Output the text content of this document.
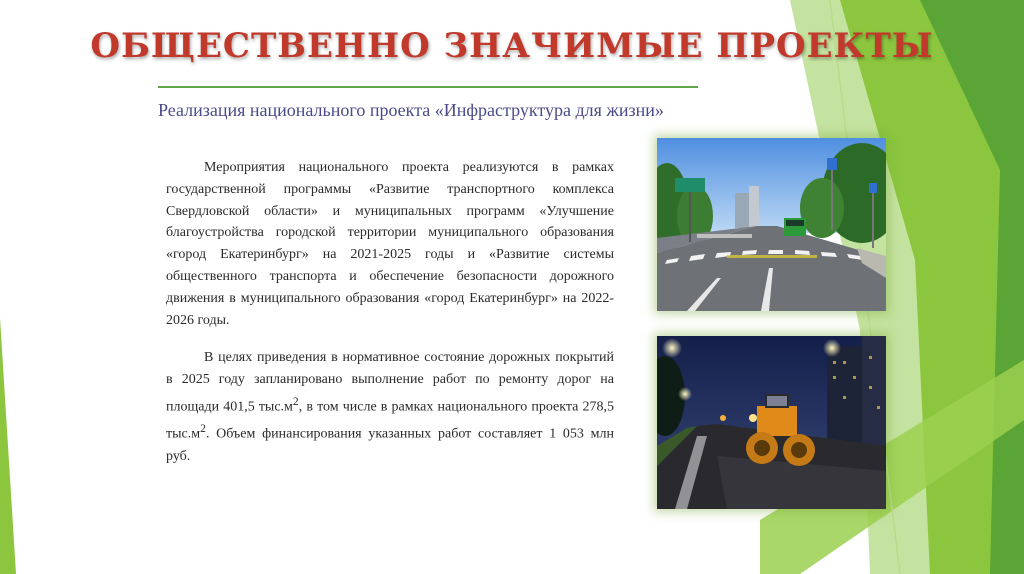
ОБЩЕСТВЕННО ЗНАЧИМЫЕ ПРОЕКТЫ
Реализация национального проекта «Инфраструктура для жизни»

Мероприятия национального проекта реализуются в рамках государственной программы «Развитие транспортного комплекса Свердловской области» и муниципальных программ «Улучшение благоустройства городской территории муниципального образования «город Екатеринбург» на 2021-2025 годы и «Развитие системы общественного транспорта и обеспечение безопасности дорожного движения в муниципального образования «город Екатеринбург» на 2022-2026 годы.

В целях приведения в нормативное состояние дорожных покрытий в 2025 году запланировано выполнение работ по ремонту дорог на площади 401,5 $тыс.м^2$, в том числе в рамках национального проекта 278,5 $тыс.м^2$. Объем финансирования указанных работ составляет 1 053 млн руб.
